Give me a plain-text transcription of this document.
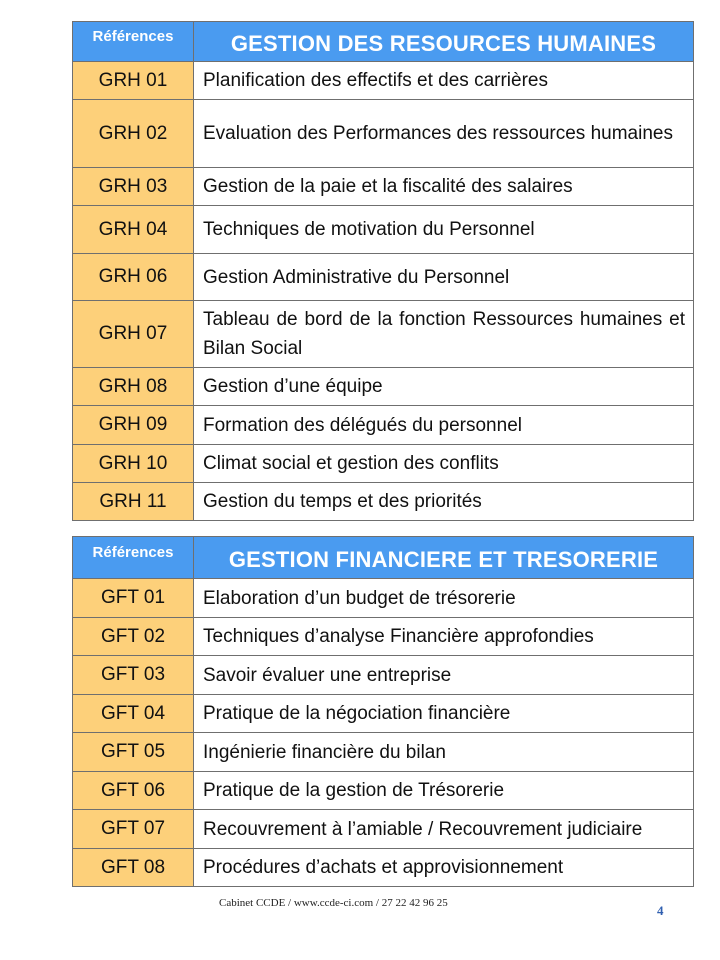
Références	GESTION DES RESOURCES HUMAINES
GRH 01	Planification des effectifs et des carrières
GRH 02	Evaluation des Performances des ressources humaines
GRH 03	Gestion de la paie et la fiscalité des salaires
GRH 04	Techniques de motivation du Personnel
GRH 06	Gestion Administrative du Personnel
GRH 07	Tableau de bord de la fonction Ressources humaines et Bilan Social
GRH 08	Gestion d’une équipe
GRH 09	Formation des délégués du personnel
GRH 10	Climat social et gestion des conflits
GRH 11	Gestion du temps et des priorités
Références	GESTION FINANCIERE ET TRESORERIE
GFT 01	Elaboration d’un budget de trésorerie
GFT 02	Techniques d’analyse Financière approfondies
GFT 03	Savoir évaluer une entreprise
GFT 04	Pratique de la négociation financière
GFT 05	Ingénierie financière du bilan
GFT 06	Pratique de la gestion de Trésorerie
GFT 07	Recouvrement à l’amiable / Recouvrement judiciaire
GFT 08	Procédures d’achats et approvisionnement
Cabinet CCDE / www.ccde-ci.com / 27 22 42 96 25	4
